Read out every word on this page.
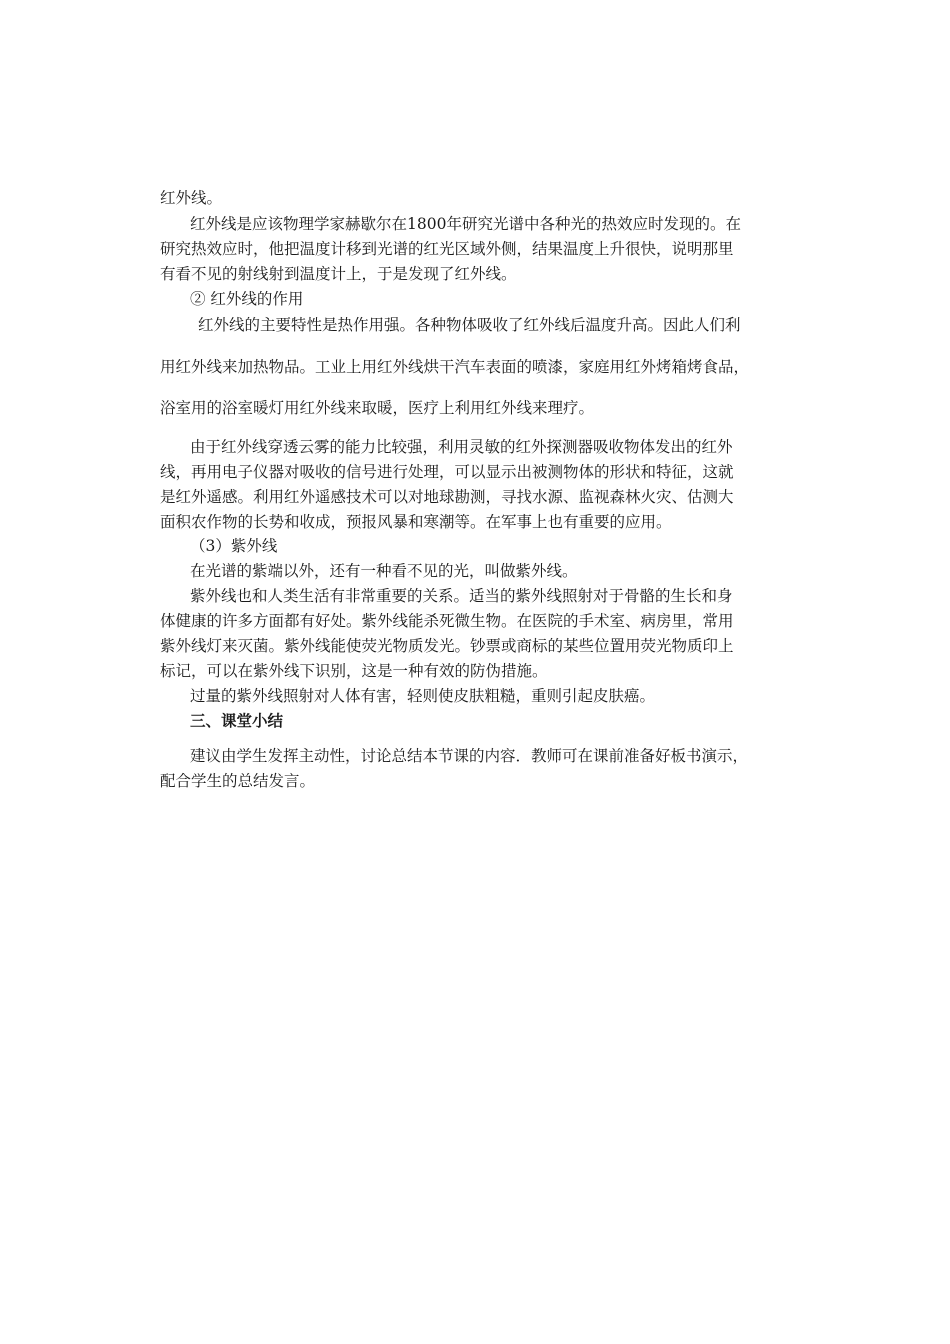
红外线。
红外线是应该物理学家赫歇尔在1800年研究光谱中各种光的热效应时发现的。在
研究热效应时，他把温度计移到光谱的红光区域外侧，结果温度上升很快，说明那里
有看不见的射线射到温度计上，于是发现了红外线。
② 红外线的作用
红外线的主要特性是热作用强。各种物体吸收了红外线后温度升高。因此人们利
用红外线来加热物品。工业上用红外线烘干汽车表面的喷漆，家庭用红外烤箱烤食品，
浴室用的浴室暖灯用红外线来取暖，医疗上利用红外线来理疗。
由于红外线穿透云雾的能力比较强，利用灵敏的红外探测器吸收物体发出的红外
线，再用电子仪器对吸收的信号进行处理，可以显示出被测物体的形状和特征，这就
是红外遥感。利用红外遥感技术可以对地球勘测，寻找水源、监视森林火灾、估测大
面积农作物的长势和收成，预报风暴和寒潮等。在军事上也有重要的应用。
（3）紫外线
在光谱的紫端以外，还有一种看不见的光，叫做紫外线。
紫外线也和人类生活有非常重要的关系。适当的紫外线照射对于骨骼的生长和身
体健康的许多方面都有好处。紫外线能杀死微生物。在医院的手术室、病房里，常用
紫外线灯来灭菌。紫外线能使荧光物质发光。钞票或商标的某些位置用荧光物质印上
标记，可以在紫外线下识别，这是一种有效的防伪措施。
过量的紫外线照射对人体有害，轻则使皮肤粗糙，重则引起皮肤癌。
三、课堂小结
建议由学生发挥主动性，讨论总结本节课的内容．教师可在课前准备好板书演示，
配合学生的总结发言。
